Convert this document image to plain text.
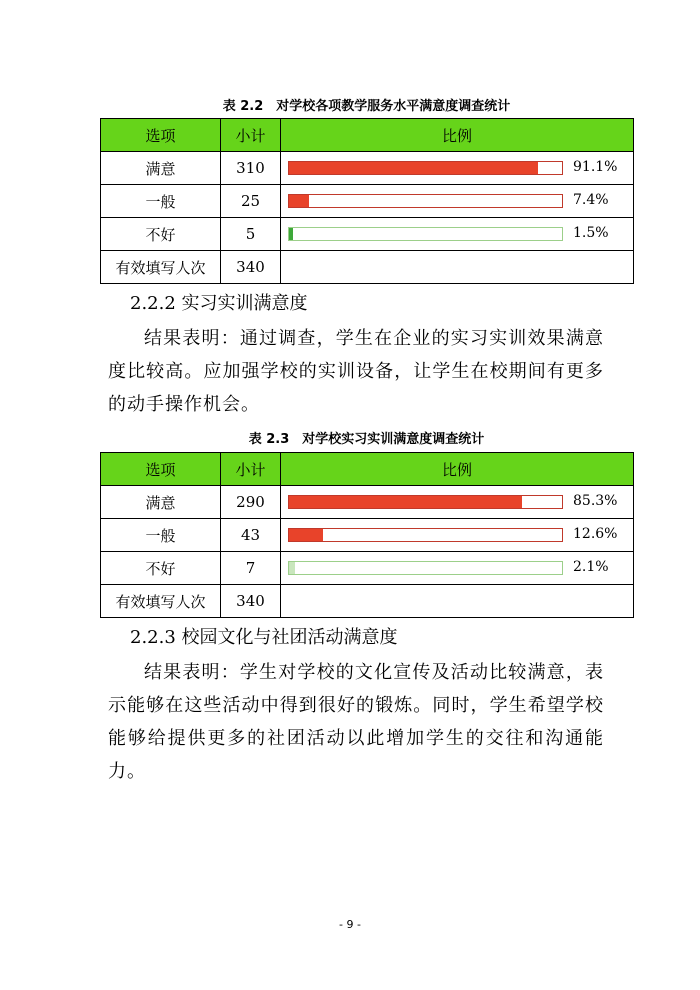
表 2.2　对学校各项教学服务水平满意度调查统计
选项	小计	比例
满意	310	91.1%

一般	25	7.4%

不好	5	1.5%

有效填写人次	340	
2.2.2 实习实训满意度
结果表明：通过调查，学生在企业的实习实训效果满意度比较高。应加强学校的实训设备，让学生在校期间有更多的动手操作机会。
表 2.3　对学校实习实训满意度调查统计
选项	小计	比例
满意	290	85.3%

一般	43	12.6%

不好	7	2.1%

有效填写人次	340	
2.2.3 校园文化与社团活动满意度
结果表明：学生对学校的文化宣传及活动比较满意，表示能够在这些活动中得到很好的锻炼。同时，学生希望学校能够给提供更多的社团活动以此增加学生的交往和沟通能力。
- 9 -
